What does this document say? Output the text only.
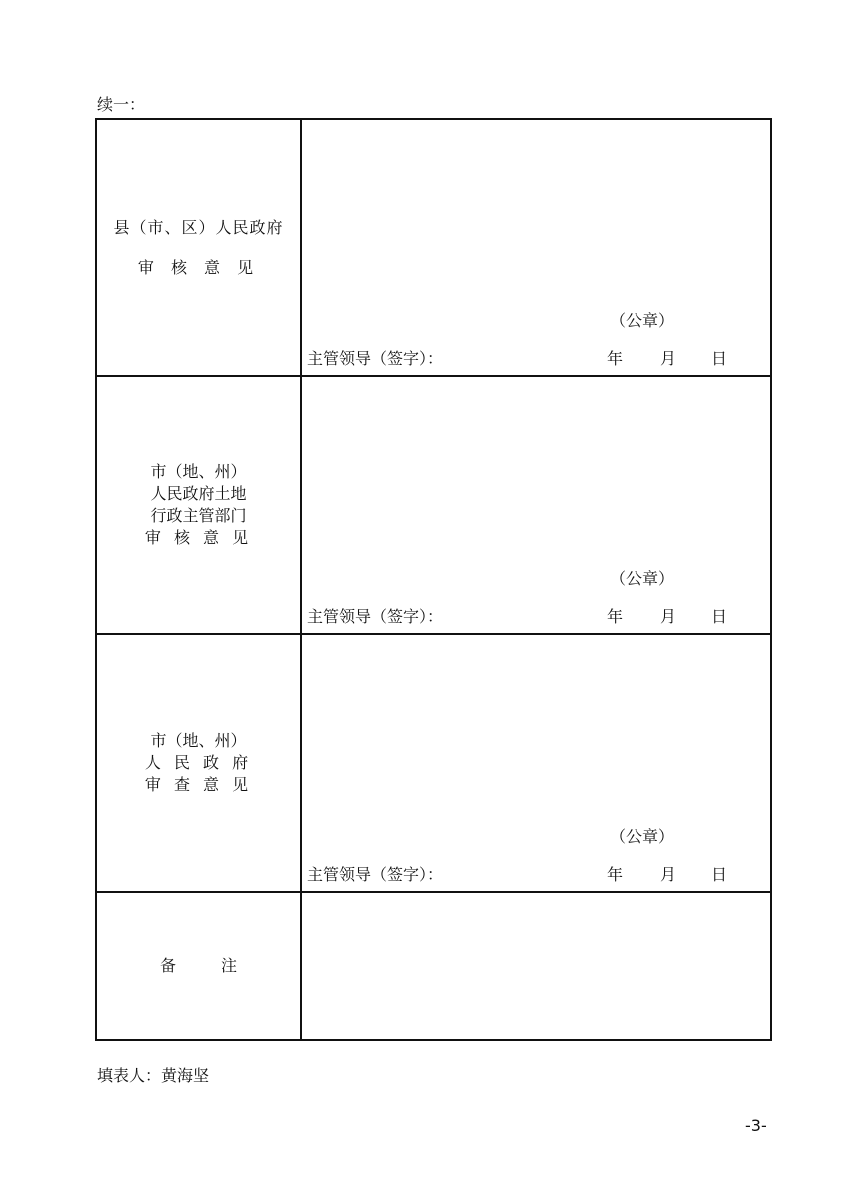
续一：
县（市、区）人民政府
审 核 意 见	（公章）
主管领导（签字）： 年 月 日

市（地、州）
人民政府土地
行政主管部门
审 核 意 见	（公章）
主管领导（签字）： 年 月 日

市（地、州）
人 民 政 府
审 查 意 见	（公章）
主管领导（签字）： 年 月 日

备 注	

填表人：黄海坚
-3-
